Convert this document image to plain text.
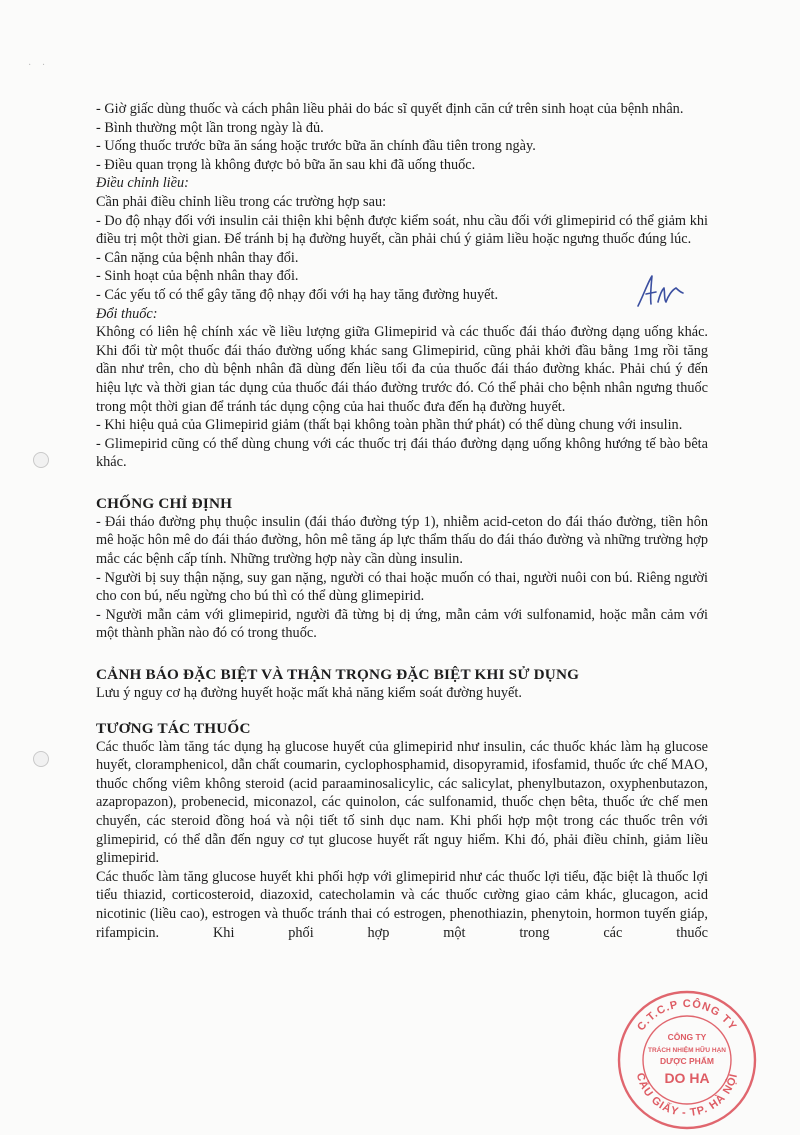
· ·

- Giờ giấc dùng thuốc và cách phân liều phải do bác sĩ quyết định căn cứ trên sinh hoạt của bệnh nhân.

- Bình thường một lần trong ngày là đủ.

- Uống thuốc trước bữa ăn sáng hoặc trước bữa ăn chính đầu tiên trong ngày.

- Điều quan trọng là không được bỏ bữa ăn sau khi đã uống thuốc.

Điều chỉnh liều:

Cần phải điều chỉnh liều trong các trường hợp sau:

- Do độ nhạy đối với insulin cải thiện khi bệnh được kiểm soát, nhu cầu đối với glimepirid có thể giảm khi điều trị một thời gian. Để tránh bị hạ đường huyết, cần phải chú ý giảm liều hoặc ngưng thuốc đúng lúc.

- Cân nặng của bệnh nhân thay đổi.

- Sinh hoạt của bệnh nhân thay đổi.

- Các yếu tố có thể gây tăng độ nhạy đối với hạ hay tăng đường huyết.

Đổi thuốc:

Không có liên hệ chính xác về liều lượng giữa Glimepirid và các thuốc đái tháo đường dạng uống khác. Khi đổi từ một thuốc đái tháo đường uống khác sang Glimepirid, cũng phải khởi đầu bằng 1mg rồi tăng dần như trên, cho dù bệnh nhân đã dùng đến liều tối đa của thuốc đái tháo đường khác. Phải chú ý đến hiệu lực và thời gian tác dụng của thuốc đái tháo đường trước đó. Có thể phải cho bệnh nhân ngưng thuốc trong một thời gian để tránh tác dụng cộng của hai thuốc đưa đến hạ đường huyết.

- Khi hiệu quả của Glimepirid giảm (thất bại không toàn phần thứ phát) có thể dùng chung với insulin.

- Glimepirid cũng có thể dùng chung với các thuốc trị đái tháo đường dạng uống không hướng tế bào bêta khác.

CHỐNG CHỈ ĐỊNH

- Đái tháo đường phụ thuộc insulin (đái tháo đường týp 1), nhiễm acid-ceton do đái tháo đường, tiền hôn mê hoặc hôn mê do đái tháo đường, hôn mê tăng áp lực thẩm thấu do đái tháo đường và những trường hợp mắc các bệnh cấp tính. Những trường hợp này cần dùng insulin.

- Người bị suy thận nặng, suy gan nặng, người có thai hoặc muốn có thai, người nuôi con bú. Riêng người cho con bú, nếu ngừng cho bú thì có thể dùng glimepirid.

- Người mẫn cảm với glimepirid, người đã từng bị dị ứng, mẫn cảm với sulfonamid, hoặc mẫn cảm với một thành phần nào đó có trong thuốc.

CẢNH BÁO ĐẶC BIỆT VÀ THẬN TRỌNG ĐẶC BIỆT KHI SỬ DỤNG

Lưu ý nguy cơ hạ đường huyết hoặc mất khả năng kiểm soát đường huyết.

TƯƠNG TÁC THUỐC

Các thuốc làm tăng tác dụng hạ glucose huyết của glimepirid như insulin, các thuốc khác làm hạ glucose huyết, cloramphenicol, dẫn chất coumarin, cyclophosphamid, disopyramid, ifosfamid, thuốc ức chế MAO, thuốc chống viêm không steroid (acid paraaminosalicylic, các salicylat, phenylbutazon, oxyphenbutazon, azapropazon), probenecid, miconazol, các quinolon, các sulfonamid, thuốc chẹn bêta, thuốc ức chế men chuyển, các steroid đồng hoá và nội tiết tố sinh dục nam. Khi phối hợp một trong các thuốc trên với glimepirid, có thể dẫn đến nguy cơ tụt glucose huyết rất nguy hiểm. Khi đó, phải điều chỉnh, giảm liều glimepirid.

Các thuốc làm tăng glucose huyết khi phối hợp với glimepirid như các thuốc lợi tiểu, đặc biệt là thuốc lợi tiểu thiazid, corticosteroid, diazoxid, catecholamin và các thuốc cường giao cảm khác, glucagon, acid nicotinic (liều cao), estrogen và thuốc tránh thai có estrogen, phenothiazin, phenytoin, hormon tuyến giáp, rifampicin. Khi phối hợp một trong các thuốc

C.T.C.P CÔNG TY
CẦU GIẤY - TP. HÀ NỘI
CÔNG TY
TRÁCH NHIỆM HỮU HẠN
DƯỢC PHẨM
DO HA
